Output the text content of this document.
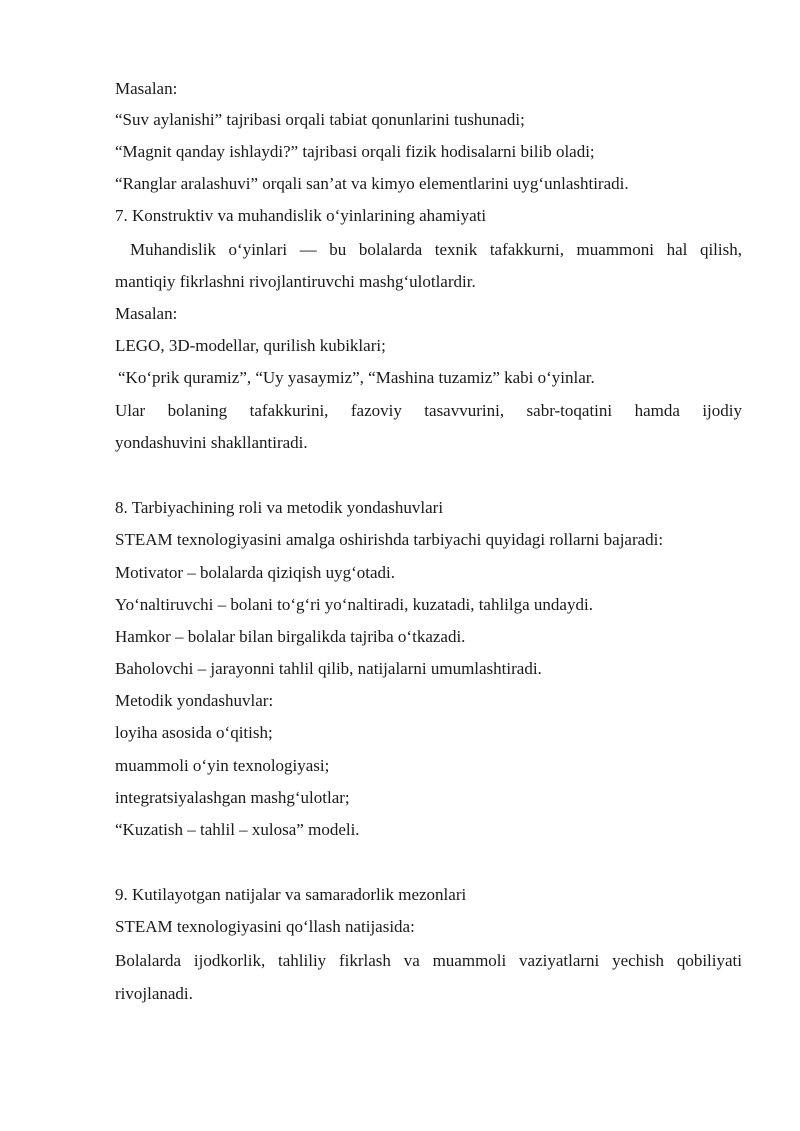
Masalan:

“Suv aylanishi” tajribasi orqali tabiat qonunlarini tushunadi;

“Magnit qanday ishlaydi?” tajribasi orqali fizik hodisalarni bilib oladi;

“Ranglar aralashuvi” orqali san’at va kimyo elementlarini uyg‘unlashtiradi.

7. Konstruktiv va muhandislik o‘yinlarining ahamiyati

Muhandislik o‘yinlari — bu bolalarda texnik tafakkurni, muammoni hal qilish,

mantiqiy fikrlashni rivojlantiruvchi mashg‘ulotlardir.

Masalan:

LEGO, 3D-modellar, qurilish kubiklari;

“Ko‘prik quramiz”, “Uy yasaymiz”, “Mashina tuzamiz” kabi o‘yinlar.

Ular bolaning tafakkurini, fazoviy tasavvurini, sabr-toqatini hamda ijodiy

yondashuvini shakllantiradi.

8. Tarbiyachining roli va metodik yondashuvlari

STEAM texnologiyasini amalga oshirishda tarbiyachi quyidagi rollarni bajaradi:

Motivator – bolalarda qiziqish uyg‘otadi.

Yo‘naltiruvchi – bolani to‘g‘ri yo‘naltiradi, kuzatadi, tahlilga undaydi.

Hamkor – bolalar bilan birgalikda tajriba o‘tkazadi.

Baholovchi – jarayonni tahlil qilib, natijalarni umumlashtiradi.

Metodik yondashuvlar:

loyiha asosida o‘qitish;

muammoli o‘yin texnologiyasi;

integratsiyalashgan mashg‘ulotlar;

“Kuzatish – tahlil – xulosa” modeli.

9. Kutilayotgan natijalar va samaradorlik mezonlari

STEAM texnologiyasini qo‘llash natijasida:

Bolalarda ijodkorlik, tahliliy fikrlash va muammoli vaziyatlarni yechish qobiliyati

rivojlanadi.
